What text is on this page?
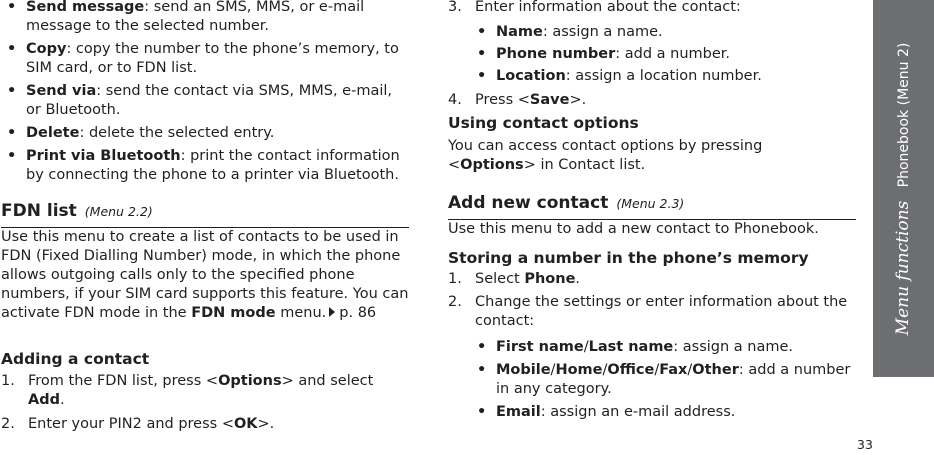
• Send message: send an SMS, MMS, or e-mail message to the selected number.
• Copy: copy the number to the phone’s memory, to SIM card, or to FDN list.
• Send via: send the contact via SMS, MMS, e-mail, or Bluetooth.
• Delete: delete the selected entry.
• Print via Bluetooth: print the contact information by connecting the phone to a printer via Bluetooth.
FDN list (Menu 2.2)
Use this menu to create a list of contacts to be used in FDN (Fixed Dialling Number) mode, in which the phone allows outgoing calls only to the specified phone numbers, if your SIM card supports this feature. You can activate FDN mode in the FDN mode menu. p. 86
Adding a contact
1. From the FDN list, press <Options> and select Add.
2. Enter your PIN2 and press <OK>.
3. Enter information about the contact:
• Name: assign a name.
• Phone number: add a number.
• Location: assign a location number.
4. Press <Save>.
Using contact options
You can access contact options by pressing <Options> in Contact list.
Add new contact (Menu 2.3)
Use this menu to add a new contact to Phonebook.
Storing a number in the phone’s memory
1. Select Phone.
2. Change the settings or enter information about the contact:
• First name/Last name: assign a name.
• Mobile/Home/Office/Fax/Other: add a number in any category.
• Email: assign an e-mail address.
Menu functions   Phonebook (Menu 2)
33
